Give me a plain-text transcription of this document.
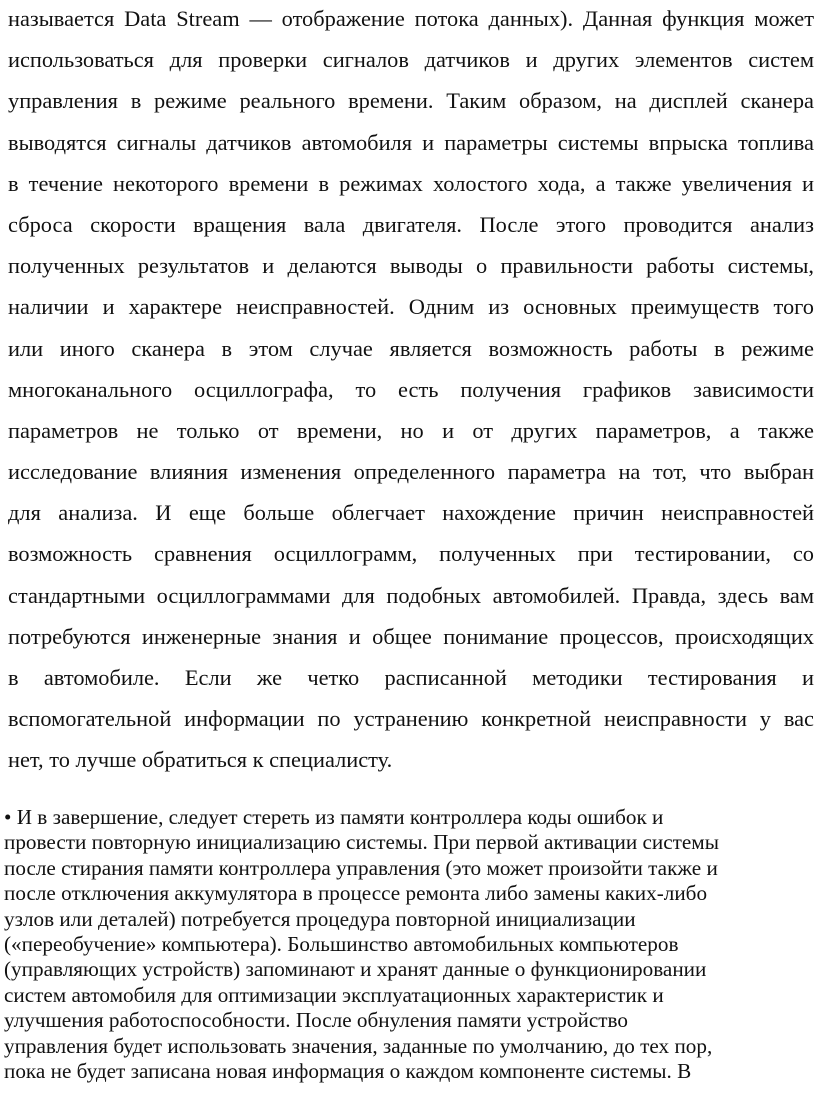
называется Data Stream — отображение потока данных). Данная функция может
использоваться для проверки сигналов датчиков и других элементов систем
управления в режиме реального времени. Таким образом, на дисплей сканера
выводятся сигналы датчиков автомобиля и параметры системы впрыска топлива
в течение некоторого времени в режимах холостого хода, а также увеличения и
сброса скорости вращения вала двигателя. После этого проводится анализ
полученных результатов и делаются выводы о правильности работы системы,
наличии и характере неисправностей. Одним из основных преимуществ того
или иного сканера в этом случае является возможность работы в режиме
многоканального осциллографа, то есть получения графиков зависимости
параметров не только от времени, но и от других параметров, а также
исследование влияния изменения определенного параметра на тот, что выбран
для анализа. И еще больше облегчает нахождение причин неисправностей
возможность сравнения осциллограмм, полученных при тестировании, со
стандартными осциллограммами для подобных автомобилей. Правда, здесь вам
потребуются инженерные знания и общее понимание процессов, происходящих
в автомобиле. Если же четко расписанной методики тестирования и
вспомогательной информации по устранению конкретной неисправности у вас
нет, то лучше обратиться к специалисту.
• И в завершение, следует стереть из памяти контроллера коды ошибок и
провести повторную инициализацию системы. При первой активации системы
после стирания памяти контроллера управления (это может произойти также и
после отключения аккумулятора в процессе ремонта либо замены каких-либо
узлов или деталей) потребуется процедура повторной инициализации
(«переобучение» компьютера). Большинство автомобильных компьютеров
(управляющих устройств) запоминают и хранят данные о функционировании
систем автомобиля для оптимизации эксплуатационных характеристик и
улучшения работоспособности. После обнуления памяти устройство
управления будет использовать значения, заданные по умолчанию, до тех пор,
пока не будет записана новая информация о каждом компоненте системы. В
